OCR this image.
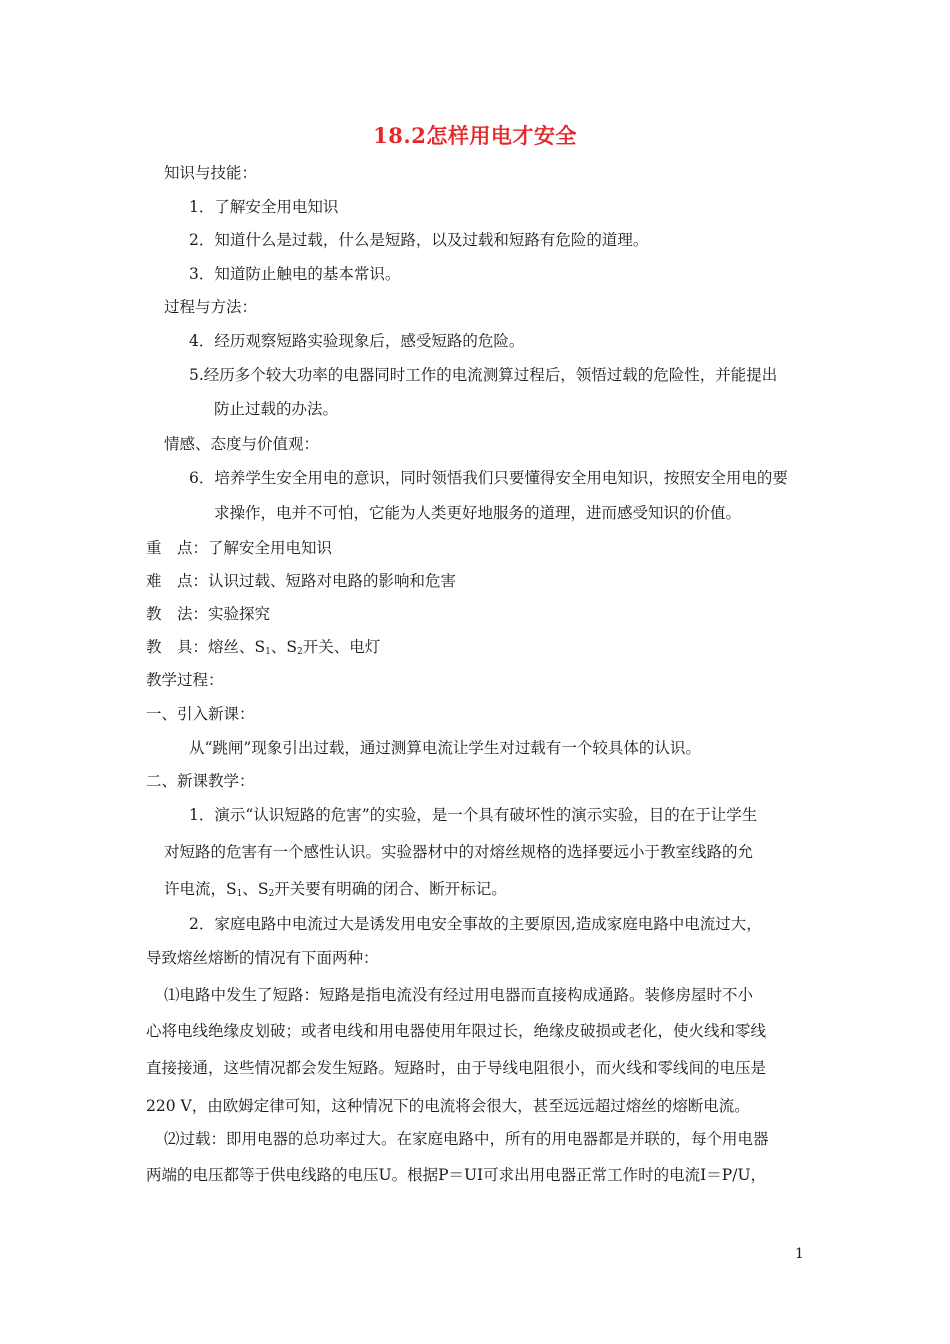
18.2怎样用电才安全
知识与技能：
1．了解安全用电知识
2．知道什么是过载，什么是短路，以及过载和短路有危险的道理。
3．知道防止触电的基本常识。
过程与方法：
4．经历观察短路实验现象后，感受短路的危险。
5.经历多个较大功率的电器同时工作的电流测算过程后，领悟过载的危险性，并能提出
防止过载的办法。
情感、态度与价值观：
6．培养学生安全用电的意识，同时领悟我们只要懂得安全用电知识，按照安全用电的要
求操作，电并不可怕，它能为人类更好地服务的道理，进而感受知识的价值。
重　点：了解安全用电知识
难　点：认识过载、短路对电路的影响和危害
教　法：实验探究
教　具：熔丝、$S_1$、$S_2$开关、电灯
教学过程：
一、引入新课：
从“跳闸”现象引出过载，通过测算电流让学生对过载有一个较具体的认识。
二、新课教学：
1．演示“认识短路的危害”的实验，是一个具有破坏性的演示实验，目的在于让学生
对短路的危害有一个感性认识。实验器材中的对熔丝规格的选择要远小于教室线路的允
许电流，$S_1$、$S_2$开关要有明确的闭合、断开标记。
2．家庭电路中电流过大是诱发用电安全事故的主要原因,造成家庭电路中电流过大，
导致熔丝熔断的情况有下面两种：
⑴电路中发生了短路：短路是指电流没有经过用电器而直接构成通路。装修房屋时不小
心将电线绝缘皮划破；或者电线和用电器使用年限过长，绝缘皮破损或老化，使火线和零线
直接接通，这些情况都会发生短路。短路时，由于导线电阻很小，而火线和零线间的电压是
220 V，由欧姆定律可知，这种情况下的电流将会很大，甚至远远超过熔丝的熔断电流。
⑵过载：即用电器的总功率过大。在家庭电路中，所有的用电器都是并联的，每个用电器
两端的电压都等于供电线路的电压U。根据P＝UI可求出用电器正常工作时的电流I＝P/U，
1
